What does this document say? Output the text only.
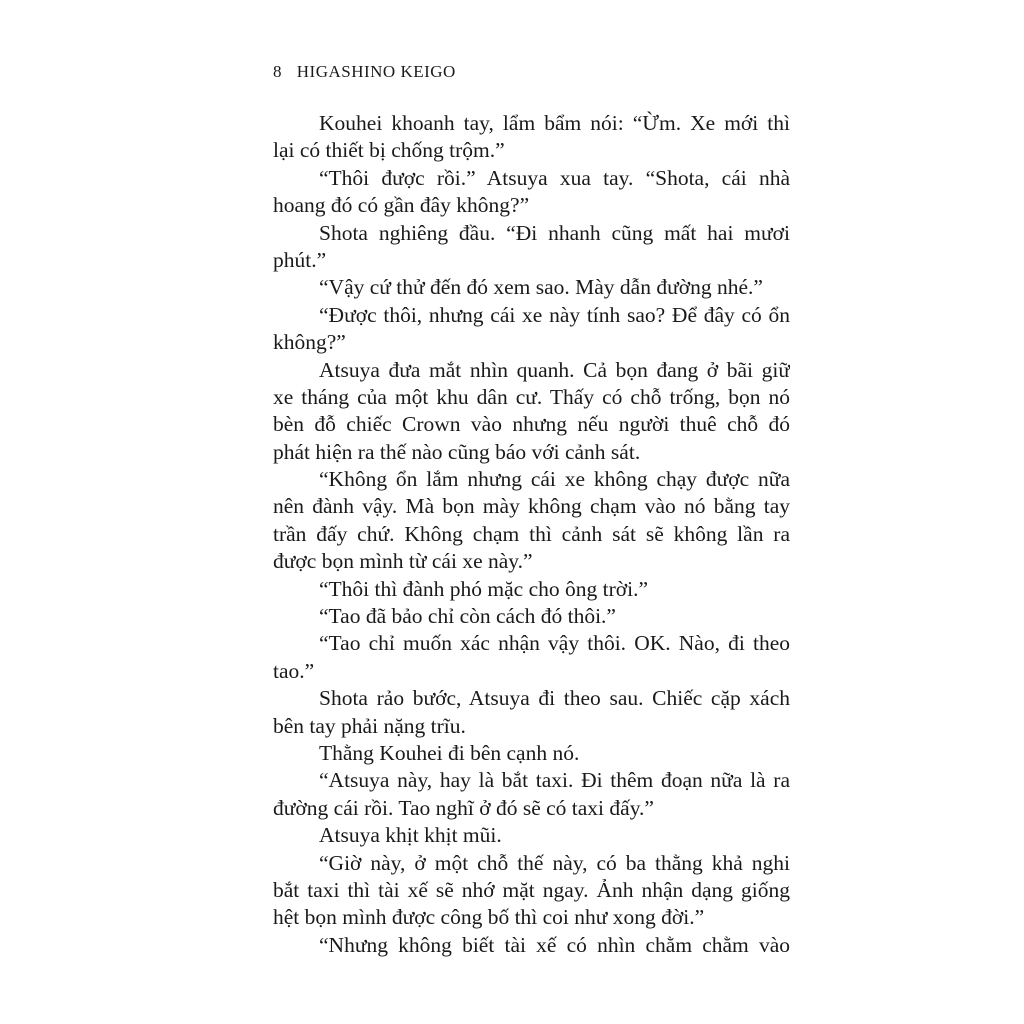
8 HIGASHINO KEIGO
Kouhei khoanh tay, lẩm bẩm nói: “Ừm. Xe mới thì
lại có thiết bị chống trộm.”
“Thôi được rồi.” Atsuya xua tay. “Shota, cái nhà
hoang đó có gần đây không?”
Shota nghiêng đầu. “Đi nhanh cũng mất hai mươi
phút.”
“Vậy cứ thử đến đó xem sao. Mày dẫn đường nhé.”
“Được thôi, nhưng cái xe này tính sao? Để đây có ổn
không?”
Atsuya đưa mắt nhìn quanh. Cả bọn đang ở bãi giữ
xe tháng của một khu dân cư. Thấy có chỗ trống, bọn nó
bèn đỗ chiếc Crown vào nhưng nếu người thuê chỗ đó
phát hiện ra thế nào cũng báo với cảnh sát.
“Không ổn lắm nhưng cái xe không chạy được nữa
nên đành vậy. Mà bọn mày không chạm vào nó bằng tay
trần đấy chứ. Không chạm thì cảnh sát sẽ không lần ra
được bọn mình từ cái xe này.”
“Thôi thì đành phó mặc cho ông trời.”
“Tao đã bảo chỉ còn cách đó thôi.”
“Tao chỉ muốn xác nhận vậy thôi. OK. Nào, đi theo
tao.”
Shota rảo bước, Atsuya đi theo sau. Chiếc cặp xách
bên tay phải nặng trĩu.
Thằng Kouhei đi bên cạnh nó.
“Atsuya này, hay là bắt taxi. Đi thêm đoạn nữa là ra
đường cái rồi. Tao nghĩ ở đó sẽ có taxi đấy.”
Atsuya khịt khịt mũi.
“Giờ này, ở một chỗ thế này, có ba thằng khả nghi
bắt taxi thì tài xế sẽ nhớ mặt ngay. Ảnh nhận dạng giống
hệt bọn mình được công bố thì coi như xong đời.”
“Nhưng không biết tài xế có nhìn chằm chằm vào
